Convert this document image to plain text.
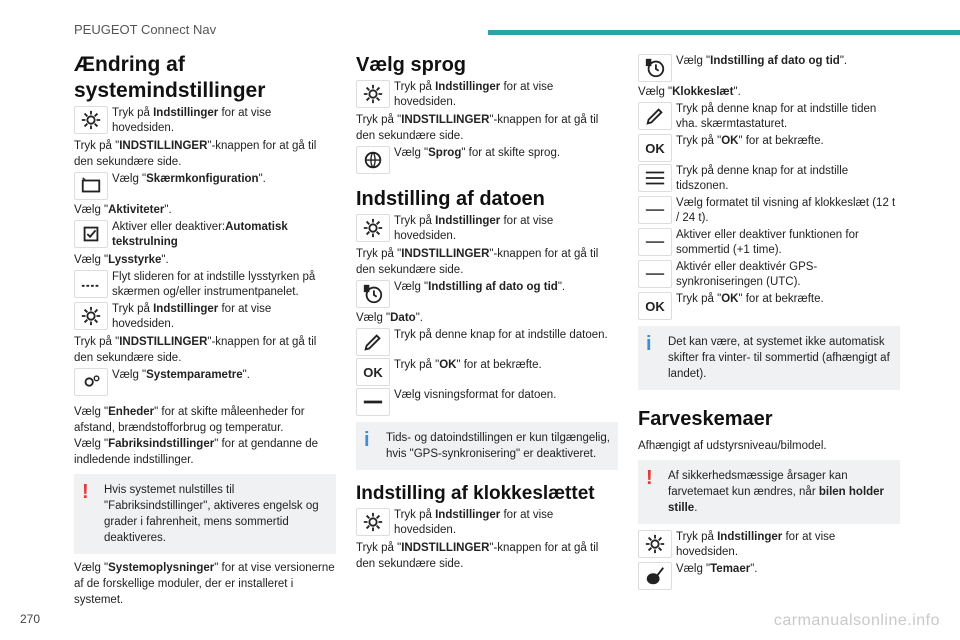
PEUGEOT Connect Nav
Ændring af systemindstillinger
Tryk på Indstillinger for at vise hovedsiden.

Tryk på "INDSTILLINGER"-knappen for at gå til den sekundære side.

Vælg "Skærmkonfiguration".

Vælg "Aktiviteter".

Aktiver eller deaktiver:Automatisk tekstrulning

Vælg "Lysstyrke".

Flyt slideren for at indstille lysstyrken på skærmen og/eller instrumentpanelet.
Tryk på Indstillinger for at vise hovedsiden.

Tryk på "INDSTILLINGER"-knappen for at gå til den sekundære side.

Vælg "Systemparametre".

Vælg "Enheder" for at skifte måleenheder for afstand, brændstofforbrug og temperatur.

Vælg "Fabriksindstillinger" for at gendanne de indledende indstillinger.

!	Hvis systemet nulstilles til "Fabriksindstillinger", aktiveres engelsk og grader i fahrenheit, mens sommertid deaktiveres.

Vælg "Systemoplysninger" for at vise versionerne af de forskellige moduler, der er installeret i systemet.

Vælg sprog
Tryk på Indstillinger for at vise hovedsiden.

Tryk på "INDSTILLINGER"-knappen for at gå til den sekundære side.

Vælg "Sprog" for at skifte sprog.
Indstilling af datoen
Tryk på Indstillinger for at vise hovedsiden.

Tryk på "INDSTILLINGER"-knappen for at gå til den sekundære side.

Vælg "Indstilling af dato og tid".

Vælg "Dato".

Tryk på denne knap for at indstille datoen.
OK Tryk på "OK" for at bekræfte.
Vælg visningsformat for datoen.
i	Tids- og datoindstillingen er kun tilgængelig, hvis "GPS-synkronisering" er deaktiveret.

Indstilling af klokkeslættet
Tryk på Indstillinger for at vise hovedsiden.

Tryk på "INDSTILLINGER"-knappen for at gå til den sekundære side.

Vælg "Indstilling af dato og tid".

Vælg "Klokkeslæt".

Tryk på denne knap for at indstille tiden vha. skærmtastaturet.
OK Tryk på "OK" for at bekræfte.
Tryk på denne knap for at indstille tidszonen.
Vælg formatet til visning af klokkeslæt (12 t / 24 t).
Aktiver eller deaktiver funktionen for sommertid (+1 time).
Aktivér eller deaktivér GPS-synkroniseringen (UTC).
OK Tryk på "OK" for at bekræfte.
i	Det kan være, at systemet ikke automatisk skifter fra vinter- til sommertid (afhængigt af landet).

Farveskemaer

Afhængigt af udstyrsniveau/bilmodel.

!	Af sikkerhedsmæssige årsager kan farvetemaet kun ændres, når bilen holder stille.

Tryk på Indstillinger for at vise hovedsiden.
Vælg "Temaer".
270	carmanualsonline.info
